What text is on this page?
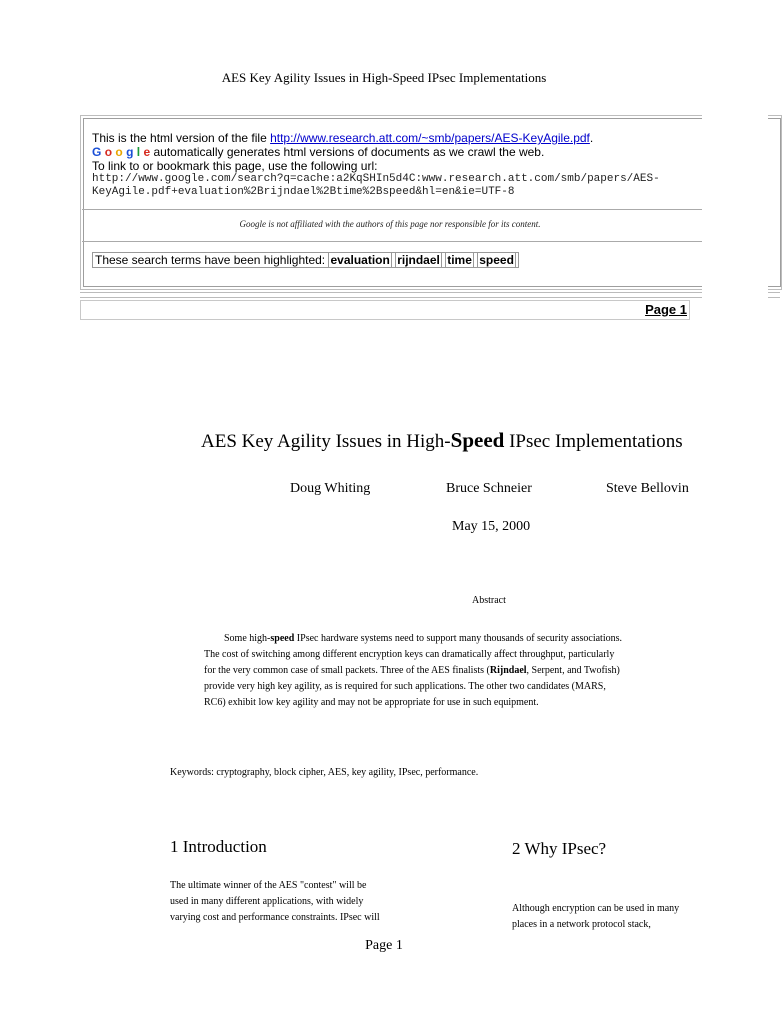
AES Key Agility Issues in High-Speed IPsec Implementations
This is the html version of the file http://www.research.att.com/~smb/papers/AES-KeyAgile.pdf.
G o o g l e automatically generates html versions of documents as we crawl the web.
To link to or bookmark this page, use the following url:
http://www.google.com/search?q=cache:a2KqSHIn5d4C:www.research.att.com/smb/papers/AES-
KeyAgile.pdf+evaluation%2Brijndael%2Btime%2Bspeed&hl=en&ie=UTF-8
Google is not affiliated with the authors of this page nor responsible for its content.
These search terms have been highlighted: evaluation rijndael time speed
Page 1
AES Key Agility Issues in High-Speed IPsec Implementations
Doug Whiting	Bruce Schneier	Steve Bellovin
May 15, 2000
Abstract

Some high-speed IPsec hardware systems need to support many thousands of security associations.

The cost of switching among different encryption keys can dramatically affect throughput, particularly
for the very common case of small packets. Three of the AES finalists (Rijndael, Serpent, and Twofish)
provide very high key agility, as is required for such applications. The other two candidates (MARS,
RC6) exhibit low key agility and may not be appropriate for use in such equipment.
Keywords: cryptography, block cipher, AES, key agility, IPsec, performance.
1 Introduction	2 Why IPsec?
The ultimate winner of the AES "contest" will be
used in many different applications, with widely
varying cost and performance constraints. IPsec will
Although encryption can be used in many
places in a network protocol stack,
Page 1
